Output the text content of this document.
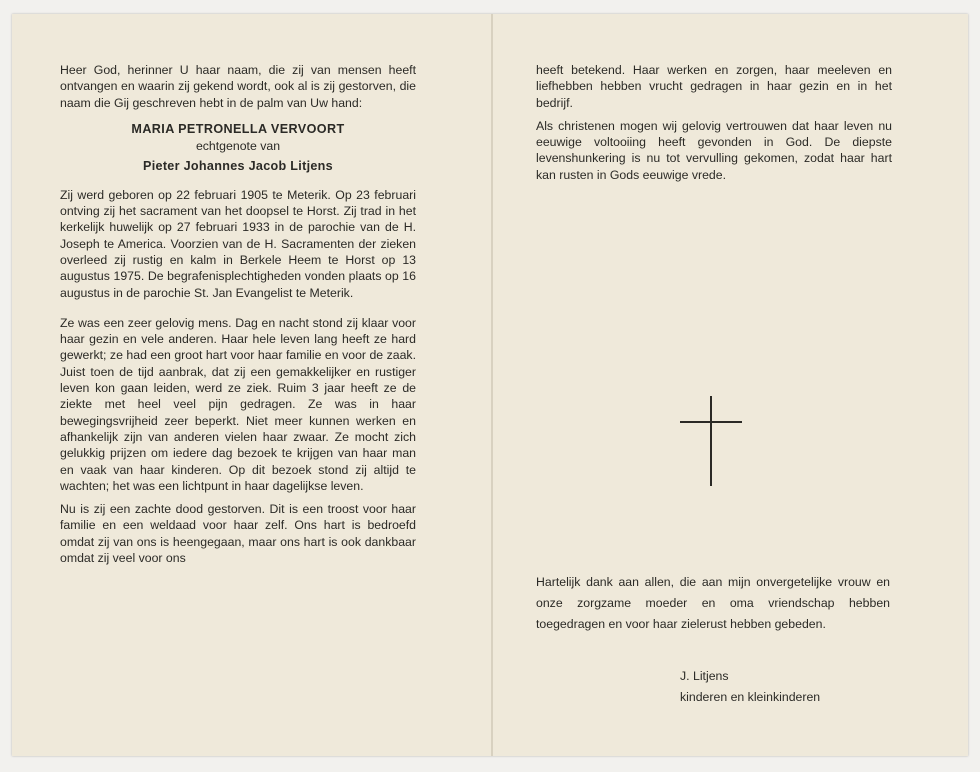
Heer God, herinner U haar naam, die zij van mensen heeft ontvangen en waarin zij gekend wordt, ook al is zij gestorven, die naam die Gij geschreven hebt in de palm van Uw hand:

MARIA PETRONELLA VERVOORT
echtgenote van
Pieter Johannes Jacob Litjens

Zij werd geboren op 22 februari 1905 te Meterik. Op 23 februari ontving zij het sacrament van het doopsel te Horst. Zij trad in het kerkelijk huwelijk op 27 februari 1933 in de parochie van de H. Joseph te America. Voorzien van de H. Sacramenten der zieken overleed zij rustig en kalm in Berkele Heem te Horst op 13 augustus 1975. De begrafenisplechtigheden vonden plaats op 16 augustus in de parochie St. Jan Evangelist te Meterik.

Ze was een zeer gelovig mens. Dag en nacht stond zij klaar voor haar gezin en vele anderen. Haar hele leven lang heeft ze hard gewerkt; ze had een groot hart voor haar familie en voor de zaak. Juist toen de tijd aanbrak, dat zij een gemakkelijker en rustiger leven kon gaan leiden, werd ze ziek. Ruim 3 jaar heeft ze de ziekte met heel veel pijn gedragen. Ze was in haar bewegingsvrijheid zeer beperkt. Niet meer kunnen werken en afhankelijk zijn van anderen vielen haar zwaar. Ze mocht zich gelukkig prijzen om iedere dag bezoek te krijgen van haar man en vaak van haar kinderen. Op dit bezoek stond zij altijd te wachten; het was een lichtpunt in haar dagelijkse leven.

Nu is zij een zachte dood gestorven. Dit is een troost voor haar familie en een weldaad voor haar zelf. Ons hart is bedroefd omdat zij van ons is heengegaan, maar ons hart is ook dankbaar omdat zij veel voor ons

heeft betekend. Haar werken en zorgen, haar meeleven en liefhebben hebben vrucht gedragen in haar gezin en in het bedrijf.

Als christenen mogen wij gelovig vertrouwen dat haar leven nu eeuwige voltooiing heeft gevonden in God. De diepste levenshunkering is nu tot vervulling gekomen, zodat haar hart kan rusten in Gods eeuwige vrede.

Hartelijk dank aan allen, die aan mijn onvergetelijke vrouw en onze zorgzame moeder en oma vriendschap hebben toegedragen en voor haar zielerust hebben gebeden.
J. Litjens
kinderen en kleinkinderen
